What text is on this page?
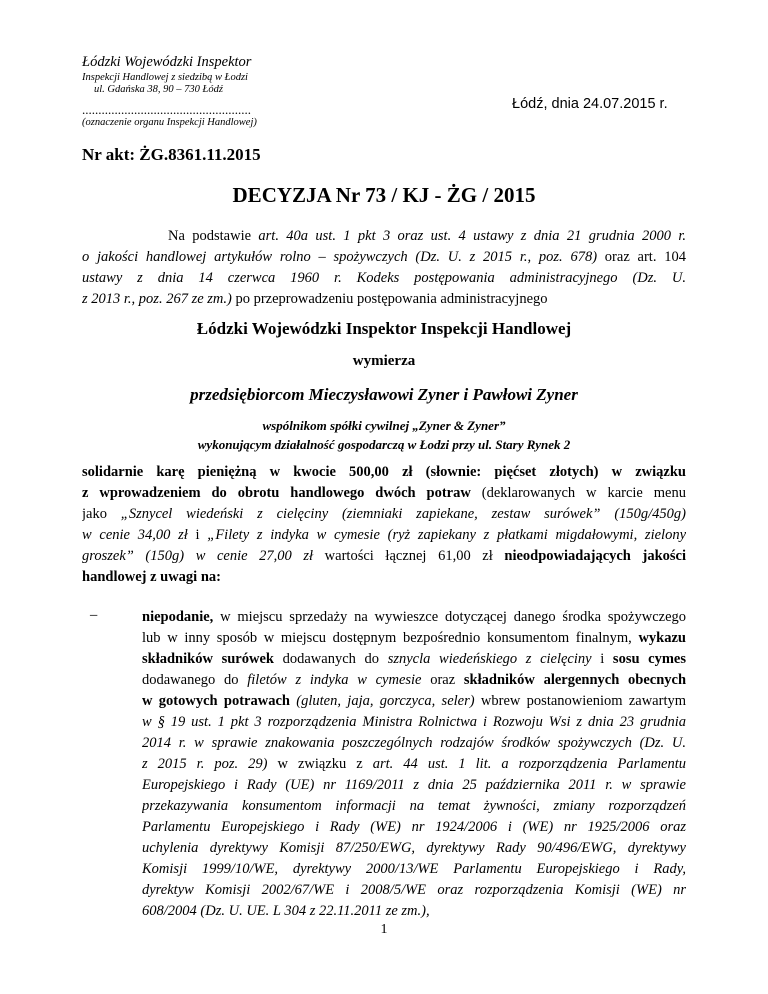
Łódzki Wojewódzki Inspektor
Inspekcji Handlowej z siedzibą w Łodzi
ul. Gdańska 38, 90 – 730 Łódź
....................................................
(oznaczenie organu Inspekcji Handlowej)
Łódź, dnia 24.07.2015 r.
Nr akt: ŻG.8361.11.2015
DECYZJA Nr 73 / KJ - ŻG / 2015
Na podstawie art. 40a ust. 1 pkt 3 oraz ust. 4 ustawy z dnia 21 grudnia 2000 r.
o jakości handlowej artykułów rolno – spożywczych (Dz. U. z 2015 r., poz. 678) oraz art. 104
ustawy z dnia 14 czerwca 1960 r. Kodeks postępowania administracyjnego (Dz. U.
z 2013 r., poz. 267 ze zm.) po przeprowadzeniu postępowania administracyjnego
Łódzki Wojewódzki Inspektor Inspekcji Handlowej
wymierza
przedsiębiorcom Mieczysławowi Zyner i Pawłowi Zyner
wspólnikom spółki cywilnej „Zyner & Zyner”
wykonującym działalność gospodarczą w Łodzi przy ul. Stary Rynek 2
solidarnie karę pieniężną w kwocie 500,00 zł (słownie: pięćset złotych) w związku
z wprowadzeniem do obrotu handlowego dwóch potraw (deklarowanych w karcie menu
jako „Sznycel wiedeński z cielęciny (ziemniaki zapiekane, zestaw surówek” (150g/450g)
w cenie 34,00 zł i „Filety z indyka w cymesie (ryż zapiekany z płatkami migdałowymi, zielony
groszek” (150g) w cenie 27,00 zł wartości łącznej 61,00 zł nieodpowiadających jakości
handlowej z uwagi na:
–	niepodanie, w miejscu sprzedaży na wywieszce dotyczącej danego środka spożywczego
lub w inny sposób w miejscu dostępnym bezpośrednio konsumentom finalnym, wykazu
składników surówek dodawanych do sznycla wiedeńskiego z cielęciny i sosu cymes
dodawanego do filetów z indyka w cymesie oraz składników alergennych obecnych
w gotowych potrawach (gluten, jaja, gorczyca, seler) wbrew postanowieniom zawartym
w § 19 ust. 1 pkt 3 rozporządzenia Ministra Rolnictwa i Rozwoju Wsi z dnia 23 grudnia
2014 r. w sprawie znakowania poszczególnych rodzajów środków spożywczych (Dz. U.
z 2015 r. poz. 29) w związku z art. 44 ust. 1 lit. a rozporządzenia Parlamentu
Europejskiego i Rady (UE) nr 1169/2011 z dnia 25 października 2011 r. w sprawie
przekazywania konsumentom informacji na temat żywności, zmiany rozporządzeń
Parlamentu Europejskiego i Rady (WE) nr 1924/2006 i (WE) nr 1925/2006 oraz
uchylenia dyrektywy Komisji 87/250/EWG, dyrektywy Rady 90/496/EWG, dyrektywy
Komisji 1999/10/WE, dyrektywy 2000/13/WE Parlamentu Europejskiego i Rady,
dyrektyw Komisji 2002/67/WE i 2008/5/WE oraz rozporządzenia Komisji (WE) nr
608/2004 (Dz. U. UE. L 304 z 22.11.2011 ze zm.),
1
